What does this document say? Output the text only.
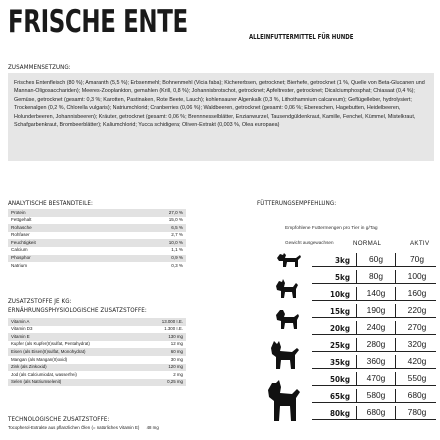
FRISCHE ENTE	ALLEINFUTTERMITTEL FÜR HUNDE
ZUSAMMENSETZUNG:

Frisches Entenfleisch (80 %); Amaranth (5,5 %); Erbsenmehl; Bohnenmehl (Vicia faba); Kichererbsen, getrocknet; Bierhefe, getrocknet (1 %, Quelle von Beta-Glucanen und Mannan-Oligosacchariden); Meeres-Zooplankton, gemahlen (Krill, 0,8 %); Johannisbrotschot, getrocknet; Apfeltrester, getrocknet; Dicalciumphosphat; Chiasaat (0,4 %); Gemüse, getrocknet (gesamt: 0,3 %; Karotten, Pastinaken, Rote Beete, Lauch); kohlensaurer Algenkalk (0,3 %, Lithothamnium calcareum); Geflügelleber, hydrolysiert; Trockenalgen (0,2 %, Chlorella vulgaris); Natriumchlorid; Cranberries (0,06 %); Waldbeeren, getrocknet (gesamt: 0,06 %; Ebereschen, Hagebutten, Heidelbeeren, Holunderbeeren, Johannisbeeren); Kräuter, getrocknet (gesamt: 0,06 %; Brennnesselblätter, Enzianwurzel, Tausendgüldenkraut, Kamille, Fenchel, Kümmel, Mistelkraut, Schafgarbenkraut, Brombeerblätter); Kaliumchlorid; Yucca schidigera; Oliven-Extrakt (0,003 %, Olea europaea)

ANALYTISCHE BESTANDTEILE:
Protein	27,0 %
Fettgehalt	15,0 %
Rohasche	6,5 %
Rohfaser	2,7 %
Feuchtigkeit	10,0 %
Calcium	1,1 %
Phosphor	0,9 %
Natrium	0,3 %
ZUSATZSTOFFE JE KG:
ERNÄHRUNGSPHYSIOLOGISCHE ZUSATZSTOFFE:
Vitamin A	13.000 I.E.
Vitamin D3	1.300 I.E.
Vitamin E	130 mg
Kupfer (als Kupfer(II)sulfat, Pentahydrat)	12 mg
Eisen (als Eisen(II)sulfat, Monohydrat)	60 mg
Mangan (als Mangan(II)oxid)	30 mg
Zink (als Zinkoxid)	120 mg
Jod (als Calciumiodat, wasserfrei)	2 mg
Selen (als Natriumselenit)	0,25 mg
TECHNOLOGISCHE ZUSATZSTOFFE:
Tocopherol-Extrakte aus pflanzlichen Ölen (= natürliches Vitamin E) 48 mg
FÜTTERUNGSEMPFEHLUNG:
Empfohlene Futtermengen pro Tier in g/Tag
Gewicht ausgewachsen	NORMAL	AKTIV
3kg	60g	70g
5kg	80g	100g
10kg	140g	160g
15kg	190g	220g
20kg	240g	270g
25kg	280g	320g
35kg	360g	420g
50kg	470g	550g
65kg	580g	680g
80kg	680g	780g
